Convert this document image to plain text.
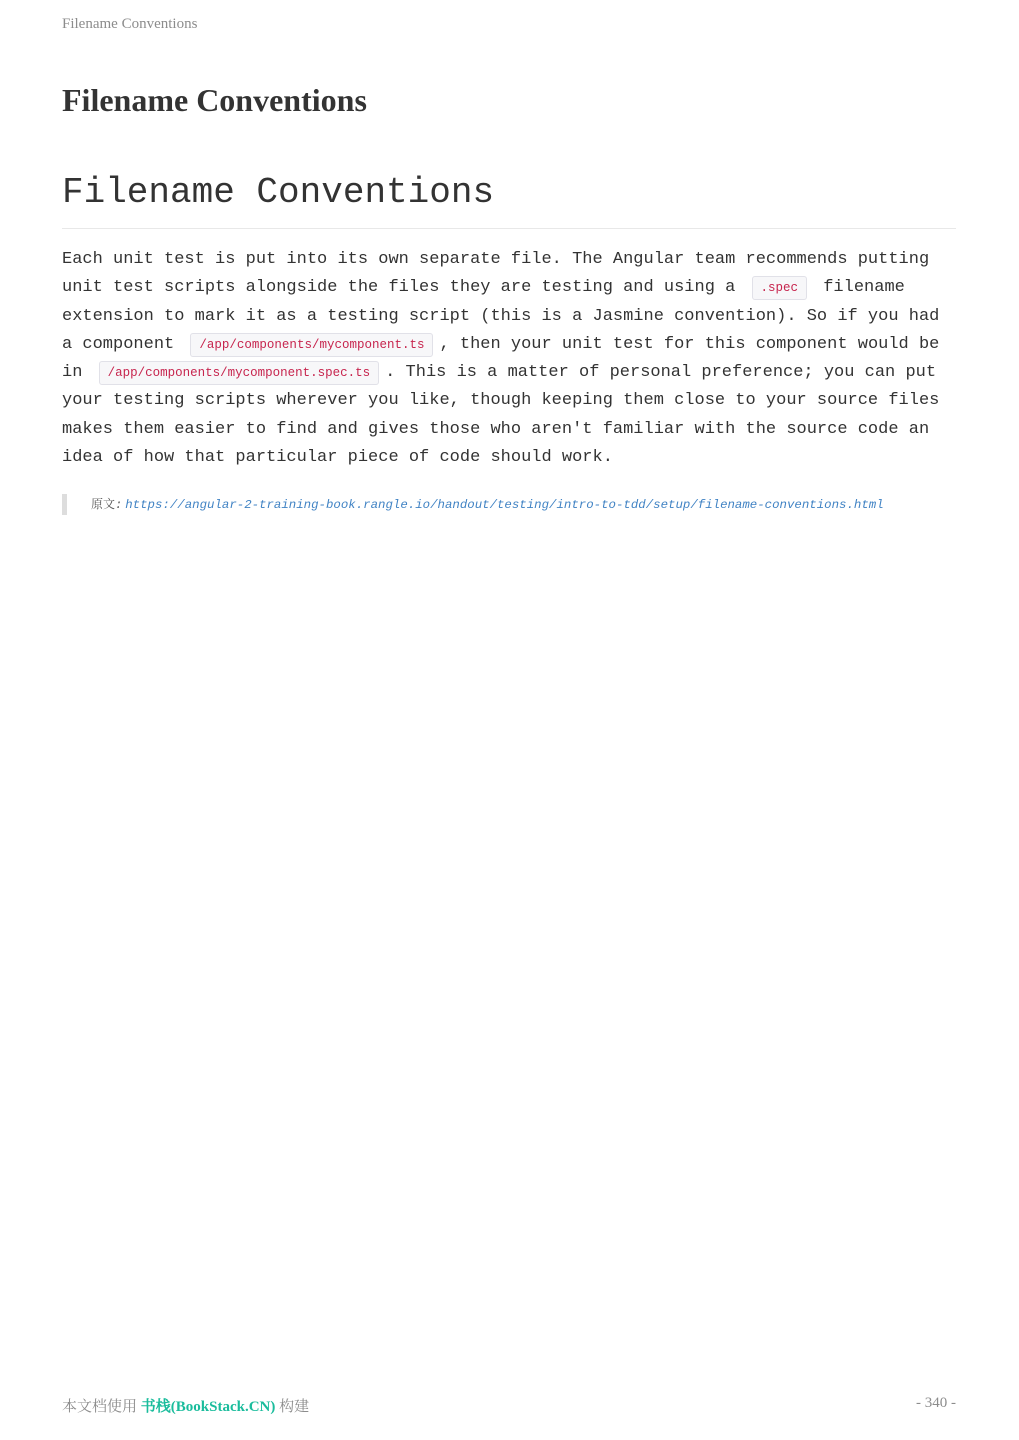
Filename Conventions
Filename Conventions
Filename Conventions

Each unit test is put into its own separate file. The Angular team recommends putting unit test scripts alongside the files they are testing and using a .spec filename extension to mark it as a testing script (this is a Jasmine convention). So if you had a component /app/components/mycomponent.ts , then your unit test for this component would be in /app/components/mycomponent.spec.ts . This is a matter of personal preference; you can put your testing scripts wherever you like, though keeping them close to your source files makes them easier to find and gives those who aren't familiar with the source code an idea of how that particular piece of code should work.

原文: https://angular-2-training-book.rangle.io/handout/testing/intro-to-tdd/setup/filename-conventions.html
本文档使用 书栈(BookStack.CN) 构建	- 340 -
